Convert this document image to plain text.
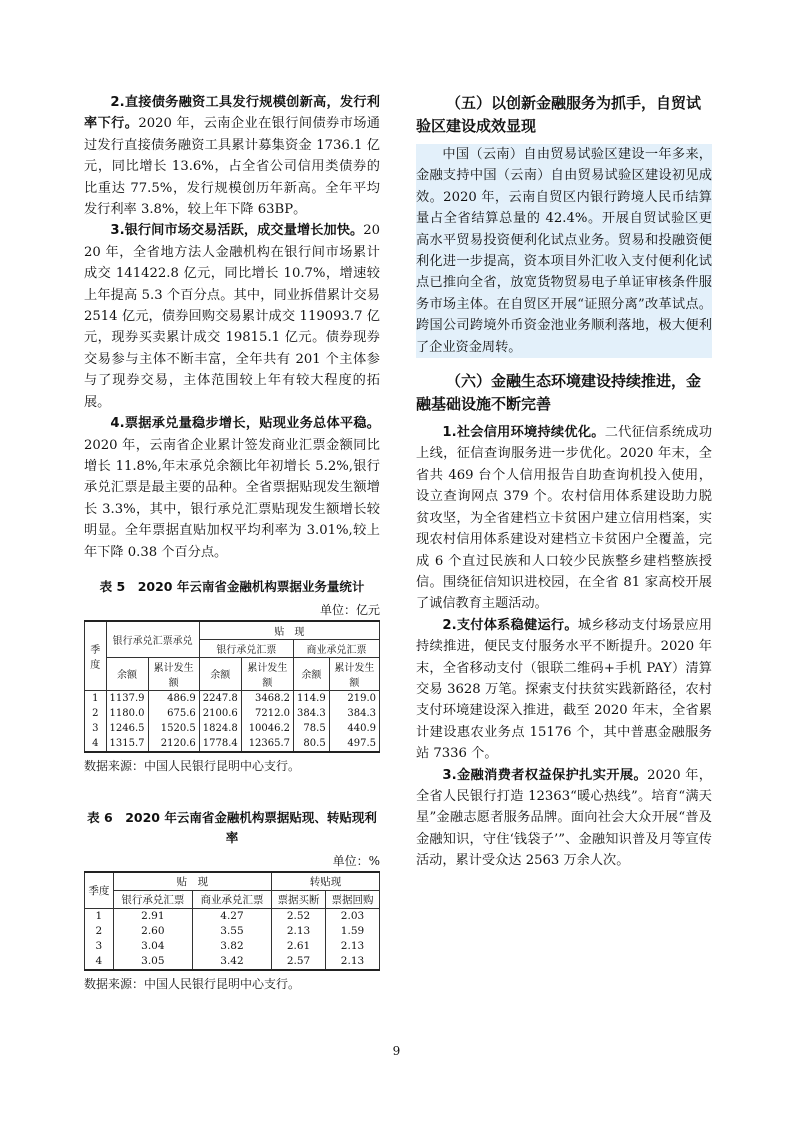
2.直接债务融资工具发行规模创新高，发行利率下行。2020 年，云南企业在银行间债券市场通过发行直接债务融资工具累计募集资金 1736.1 亿元，同比增长 13.6%，占全省公司信用类债券的比重达 77.5%，发行规模创历年新高。全年平均发行利率 3.8%，较上年下降 63BP。

3.银行间市场交易活跃，成交量增长加快。2020 年，全省地方法人金融机构在银行间市场累计成交 141422.8 亿元，同比增长 10.7%，增速较上年提高 5.3 个百分点。其中，同业拆借累计交易 2514 亿元，债券回购交易累计成交 119093.7 亿元，现券买卖累计成交 19815.1 亿元。债券现券交易参与主体不断丰富，全年共有 201 个主体参与了现券交易，主体范围较上年有较大程度的拓展。

4.票据承兑量稳步增长，贴现业务总体平稳。2020 年，云南省企业累计签发商业汇票金额同比增长 11.8%,年末承兑余额比年初增长 5.2%,银行承兑汇票是最主要的品种。全省票据贴现发生额增长 3.3%，其中，银行承兑汇票贴现发生额增长较明显。全年票据直贴加权平均利率为 3.01%,较上年下降 0.38 个百分点。

表 5　2020 年云南省金融机构票据业务量统计
单位：亿元
季度	银行承兑汇票承兑		贴　现			
			银行承兑汇票		商业承兑汇票	
	余额	累计发生额	余额	累计发生额	余额	累计发生额
1	1137.9	486.9	2247.8	3468.2	114.9	219.0
2	1180.0	675.6	2100.6	7212.0	384.3	384.3
3	1246.5	1520.5	1824.8	10046.2	78.5	440.9
4	1315.7	2120.6	1778.4	12365.7	80.5	497.5
数据来源：中国人民银行昆明中心支行。
表 6　2020 年云南省金融机构票据贴现、转贴现利率
单位：%
季度	贴　现		转贴现	
	银行承兑汇票	商业承兑汇票	票据买断	票据回购
1	2.91	4.27	2.52	2.03
2	2.60	3.55	2.13	1.59
3	3.04	3.82	2.61	2.13
4	3.05	3.42	2.57	2.13
数据来源：中国人民银行昆明中心支行。
（五）以创新金融服务为抓手，自贸试验区建设成效显现

中国（云南）自由贸易试验区建设一年多来，金融支持中国（云南）自由贸易试验区建设初见成效。2020 年，云南自贸区内银行跨境人民币结算量占全省结算总量的 42.4%。开展自贸试验区更高水平贸易投资便利化试点业务。贸易和投融资便利化进一步提高，资本项目外汇收入支付便利化试点已推向全省，放宽货物贸易电子单证审核条件服务市场主体。在自贸区开展“证照分离”改革试点。跨国公司跨境外币资金池业务顺利落地，极大便利了企业资金周转。

（六）金融生态环境建设持续推进，金融基础设施不断完善

1.社会信用环境持续优化。二代征信系统成功上线，征信查询服务进一步优化。2020 年末，全省共 469 台个人信用报告自助查询机投入使用，设立查询网点 379 个。农村信用体系建设助力脱贫攻坚，为全省建档立卡贫困户建立信用档案，实现农村信用体系建设对建档立卡贫困户全覆盖，完成 6 个直过民族和人口较少民族整乡建档整族授信。围绕征信知识进校园，在全省 81 家高校开展了诚信教育主题活动。

2.支付体系稳健运行。城乡移动支付场景应用持续推进，便民支付服务水平不断提升。2020 年末，全省移动支付（银联二维码+手机 PAY）清算交易 3628 万笔。探索支付扶贫实践新路径，农村支付环境建设深入推进，截至 2020 年末，全省累计建设惠农业务点 15176 个，其中普惠金融服务站 7336 个。

3.金融消费者权益保护扎实开展。2020 年，全省人民银行打造 12363“暖心热线”。培育“满天星”金融志愿者服务品牌。面向社会大众开展“普及金融知识，守住‘钱袋子’”、金融知识普及月等宣传活动，累计受众达 2563 万余人次。

9
